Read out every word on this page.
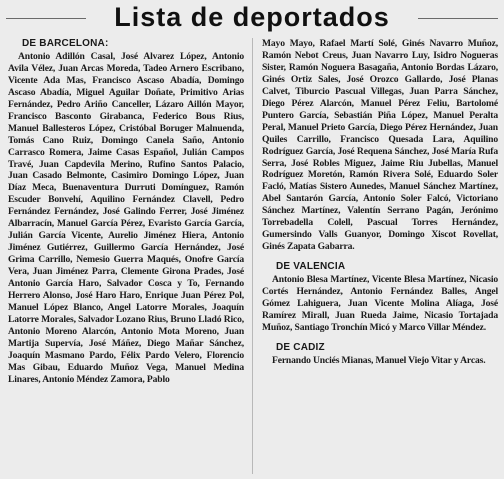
Lista de deportados

DE BARCELONA:

Antonio Adillón Casal, José Alvarez López, Antonio Avila Vélez, Juan Arcas Moreda, Tadeo Arnero Escribano, Vicente Ada Mas, Francisco Ascaso Abadía, Domingo Ascaso Abadía, Miguel Aguilar Doñate, Primitivo Arias Fernández, Pedro Ariño Canceller, Lázaro Aillón Mayor, Francisco Basconto Girabanca, Federico Bous Rius, Manuel Ballesteros López, Cristóbal Boruger Malnuenda, Tomás Cano Ruiz, Domingo Canela Saño, Antonio Carrasco Romera, Jaime Casas Español, Julián Campos Travé, Juan Capdevila Merino, Rufino Santos Palacio, Juan Casado Belmonte, Casimiro Domingo López, Juan Díaz Meca, Buenaventura Durruti Domínguez, Ramón Escuder Bonvehí, Aquilino Fernández Clavell, Pedro Fernández Fernández, José Galindo Ferrer, José Jiménez Albarracín, Manuel García Pérez, Evaristo García García, Julián García Vicente, Aurelio Jiménez Hiera, Antonio Jiménez Gutiérrez, Guillermo García Hernández, José Grima Carrillo, Nemesio Guerra Maqués, Onofre García Vera, Juan Jiménez Parra, Clemente Girona Prades, José Antonio García Haro, Salvador Cosca y To, Fernando Herrero Alonso, José Haro Haro, Enrique Juan Pérez Pol, Manuel López Blanco, Angel Latorre Morales, Joaquín Latorre Morales, Salvador Lozano Rius, Bruno Lladó Rico, Antonio Moreno Alarcón, Antonio Mota Moreno, Juan Martija Supervía, José Máñez, Diego Mañar Sánchez, Joaquín Masmano Pardo, Félix Pardo Velero, Florencio Mas Gibau, Eduardo Muñoz Vega, Manuel Medina Linares, Antonio Méndez Zamora, Pablo

Mayo Mayo, Rafael Martí Solé, Ginés Navarro Muñoz, Ramón Nebot Creus, Juan Navarro Luy, Isidro Nogueras Sister, Ramón Noguera Basagaña, Antonio Bordas Lázaro, Ginés Ortiz Sales, José Orozco Gallardo, José Planas Calvet, Tiburcio Pascual Villegas, Juan Parra Sánchez, Diego Pérez Alarcón, Manuel Pérez Feliu, Bartolomé Puntero García, Sebastián Piña López, Manuel Peralta Peral, Manuel Prieto García, Diego Pérez Hernández, Juan Quiles Carrillo, Francisco Quesada Lara, Aquilino Rodríguez García, José Requena Sánchez, José María Rufa Serra, José Robles Miguez, Jaime Riu Jubellas, Manuel Rodríguez Moretón, Ramón Rivera Solé, Eduardo Soler Facló, Matías Sistero Aunedes, Manuel Sánchez Martínez, Abel Santarón García, Antonio Soler Falcó, Victoriano Sánchez Martínez, Valentín Serrano Pagán, Jerónimo Torrebadella Colell, Pascual Torres Hernández, Gumersindo Valls Guanyor, Domingo Xiscot Rovellat, Ginés Zapata Gabarra.

DE VALENCIA

Antonio Blesa Martínez, Vicente Blesa Martínez, Nicasio Cortés Hernández, Antonio Fernández Balles, Angel Gómez Lahiguera, Juan Vicente Molina Alíaga, José Ramírez Mirall, Juan Rueda Jaime, Nicasio Tortajada Muñoz, Santiago Tronchín Micó y Marco Villar Méndez.

DE CADIZ

Fernando Unciés Mianas, Manuel Viejo Vitar y Arcas.
